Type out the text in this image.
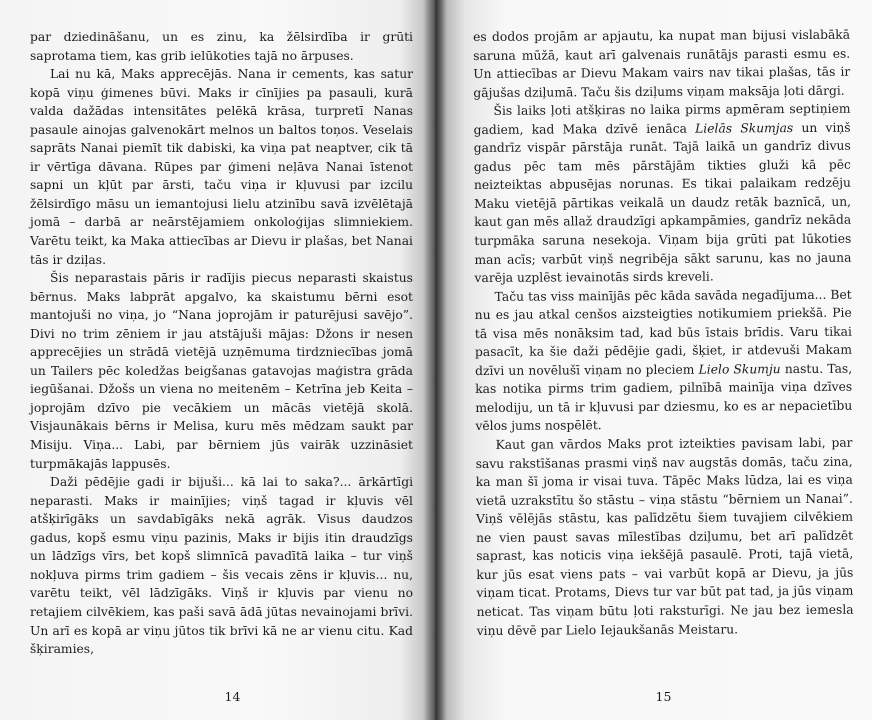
par dziedināšanu, un es zinu, ka žēlsirdība ir grūti saprotama tiem, kas grib ielūkoties tajā no ārpuses.

Lai nu kā, Maks apprecējās. Nana ir cements, kas satur kopā viņu ģimenes būvi. Maks ir cīnījies pa pasauli, kurā valda dažādas intensitātes pelēkā krāsa, turpretī Nanas pasaule ainojas galvenokārt melnos un baltos toņos. Veselais saprāts Nanai piemīt tik dabiski, ka viņa pat neaptver, cik tā ir vērtīga dāvana. Rūpes par ģimeni neļāva Nanai īstenot sapni un kļūt par ārsti, taču viņa ir kļuvusi par izcilu žēlsirdīgo māsu un iemantojusi lielu atzinību savā izvēlētajā jomā – darbā ar neārstējamiem onkoloģijas slimniekiem. Varētu teikt, ka Maka attiecības ar Dievu ir plašas, bet Nanai tās ir dziļas.

Šis neparastais pāris ir radījis piecus neparasti skaistus bērnus. Maks labprāt apgalvo, ka skaistumu bērni esot mantojuši no viņa, jo “Nana joprojām ir paturējusi savējo”. Divi no trim zēniem ir jau atstājuši mājas: Džons ir nesen apprecējies un strādā vietējā uzņēmuma tirdzniecības jomā un Tailers pēc koledžas beigšanas gatavojas maģistra grāda iegūšanai. Džošs un viena no meitenēm – Ketrīna jeb Keita – joprojām dzīvo pie vecākiem un mācās vietējā skolā. Visjaunākais bērns ir Melisa, kuru mēs mēdzam saukt par Misiju. Viņa... Labi, par bērniem jūs vairāk uzzināsiet turpmākajās lappusēs.

Daži pēdējie gadi ir bijuši... kā lai to saka?... ārkārtīgi neparasti. Maks ir mainījies; viņš tagad ir kļuvis vēl atšķirīgāks un savdabīgāks nekā agrāk. Visus daudzos gadus, kopš esmu viņu pazinis, Maks ir bijis itin draudzīgs un lādzīgs vīrs, bet kopš slimnīcā pavadītā laika – tur viņš nokļuva pirms trim gadiem – šis vecais zēns ir kļuvis... nu, varētu teikt, vēl lādzīgāks. Viņš ir kļuvis par vienu no retajiem cilvēkiem, kas paši savā ādā jūtas nevainojami brīvi. Un arī es kopā ar viņu jūtos tik brīvi kā ne ar vienu citu. Kad šķiramies,

14

es dodos projām ar apjautu, ka nupat man bijusi vislabākā saruna mūžā, kaut arī galvenais runātājs parasti esmu es. Un attiecības ar Dievu Makam vairs nav tikai plašas, tās ir gājušas dziļumā. Taču šis dziļums viņam maksāja ļoti dārgi.

Šis laiks ļoti atšķiras no laika pirms apmēram septiņiem gadiem, kad Maka dzīvē ienāca Lielās Skumjas un viņš gandrīz vispār pārstāja runāt. Tajā laikā un gandrīz divus gadus pēc tam mēs pārstājām tikties gluži kā pēc neizteiktas abpusējas norunas. Es tikai palaikam redzēju Maku vietējā pārtikas veikalā un daudz retāk baznīcā, un, kaut gan mēs allaž draudzīgi apkampāmies, gandrīz nekāda turpmāka saruna nesekoja. Viņam bija grūti pat lūkoties man acīs; varbūt viņš negribēja sākt sarunu, kas no jauna varēja uzplēst ievainotās sirds kreveli.

Taču tas viss mainījās pēc kāda savāda negadījuma... Bet nu es jau atkal cenšos aizsteigties notikumiem priekšā. Pie tā visa mēs nonāksim tad, kad būs īstais brīdis. Varu tikai pasacīt, ka šie daži pēdējie gadi, šķiet, ir atdevuši Makam dzīvi un novēlušī viņam no pleciem Lielo Skumju nastu. Tas, kas notika pirms trim gadiem, pilnībā mainīja viņa dzīves melodiju, un tā ir kļuvusi par dziesmu, ko es ar nepacietību vēlos jums nospēlēt.

Kaut gan vārdos Maks prot izteikties pavisam labi, par savu rakstīšanas prasmi viņš nav augstās domās, taču zina, ka man šī joma ir visai tuva. Tāpēc Maks lūdza, lai es viņa vietā uzrakstītu šo stāstu – viņa stāstu “bērniem un Nanai”. Viņš vēlējās stāstu, kas palīdzētu šiem tuvajiem cilvēkiem ne vien paust savas mīlestības dziļumu, bet arī palīdzēt saprast, kas noticis viņa iekšējā pasaulē. Proti, tajā vietā, kur jūs esat viens pats – vai varbūt kopā ar Dievu, ja jūs viņam ticat. Protams, Dievs tur var būt pat tad, ja jūs viņam neticat. Tas viņam būtu ļoti raksturīgi. Ne jau bez iemesla viņu dēvē par Lielo Iejaukšanās Meistaru.

15
